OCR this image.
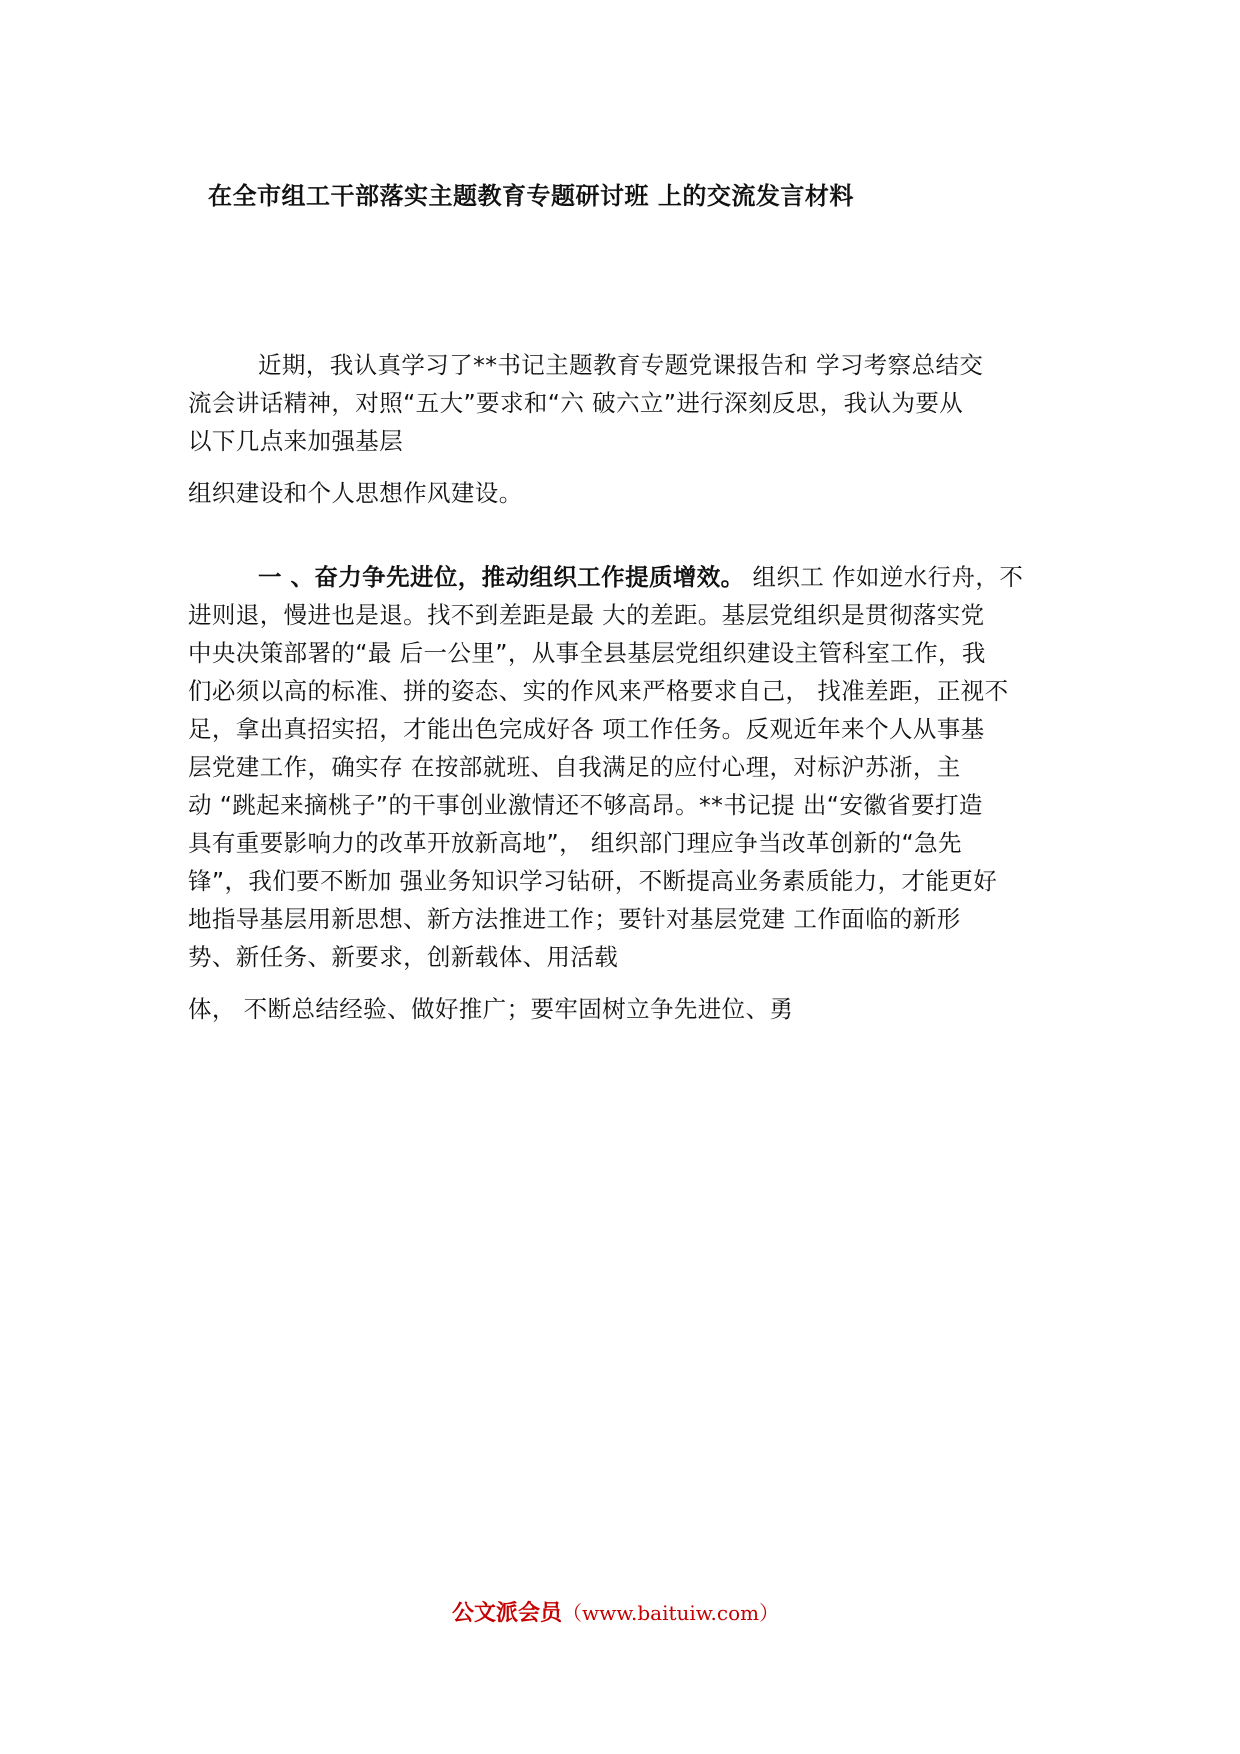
在全市组工干部落实主题教育专题研讨班 上的交流发言材料
近期，我认真学习了**书记主题教育专题党课报告和 学习考察总结交
流会讲话精神，对照“五大”要求和“六 破六立”进行深刻反思，我认为要从
以下几点来加强基层
组织建设和个人思想作风建设。
一 、奋力争先进位，推动组织工作提质增效。 组织工 作如逆水行舟，不
进则退，慢进也是退。找不到差距是最 大的差距。基层党组织是贯彻落实党
中央决策部署的“最 后一公里”，从事全县基层党组织建设主管科室工作，我
们必须以高的标准、拼的姿态、实的作风来严格要求自己， 找准差距，正视不
足，拿出真招实招，才能出色完成好各 项工作任务。反观近年来个人从事基
层党建工作，确实存 在按部就班、自我满足的应付心理，对标沪苏浙，主
动 “跳起来摘桃子”的干事创业激情还不够高昂。**书记提 出“安徽省要打造
具有重要影响力的改革开放新高地”， 组织部门理应争当改革创新的“急先
锋”，我们要不断加 强业务知识学习钻研，不断提高业务素质能力，才能更好
地指导基层用新思想、新方法推进工作；要针对基层党建 工作面临的新形
势、新任务、新要求，创新载体、用活载
体， 不断总结经验、做好推广；要牢固树立争先进位、勇
公文派会员（www.baituiw.com）
